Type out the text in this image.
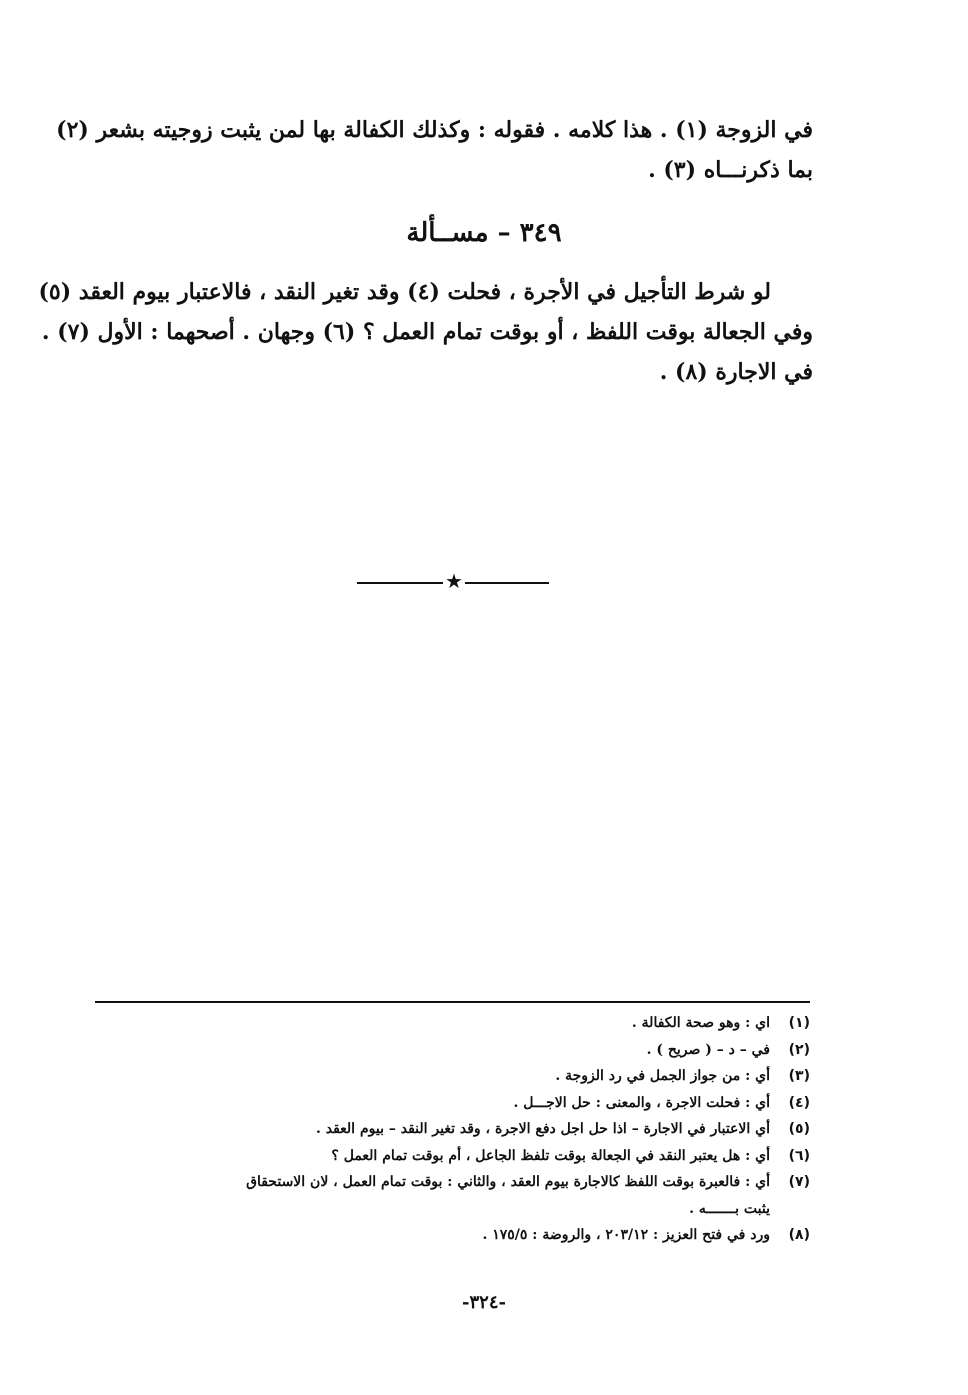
في الزوجة (١) . هذا كلامه . فقوله : وكذلك الكفالة بها لمن يثبت زوجيته بشعر (٢)
بما ذكرنـــاه (٣) .
٣٤٩ – مســألة
لو شرط التأجيل في الأجرة ، فحلت (٤) وقد تغير النقد ، فالاعتبار بيوم العقد (٥)
وفي الجعالة بوقت اللفظ ، أو بوقت تمام العمل ؟ (٦) وجهان . أصحهما : الأول (٧) .
في الاجارة (٨) .
★
(١)
اي : وهو صحة الكفالة .
(٢)
في – د – ( صريح ) .
(٣)
أي : من جواز الجمل في رد الزوجة .
(٤)
أي : فحلت الاجرة ، والمعنى : حل الاجـــل .
(٥)
أي الاعتبار في الاجارة – اذا حل اجل دفع الاجرة ، وقد تغير النقد – بيوم العقد .
(٦)
أي : هل يعتبر النقد في الجعالة بوقت تلفظ الجاعل ، أم بوقت تمام العمل ؟
(٧)
أي : فالعبرة بوقت اللفظ كالاجارة بيوم العقد ، والثاني : بوقت تمام العمل ، لان الاستحقاق
يثبت بـــــــه .
(٨)
ورد في فتح العزيز : ٢٠٣/١٢ ، والروضة : ١٧٥/٥ .
-٣٢٤-
